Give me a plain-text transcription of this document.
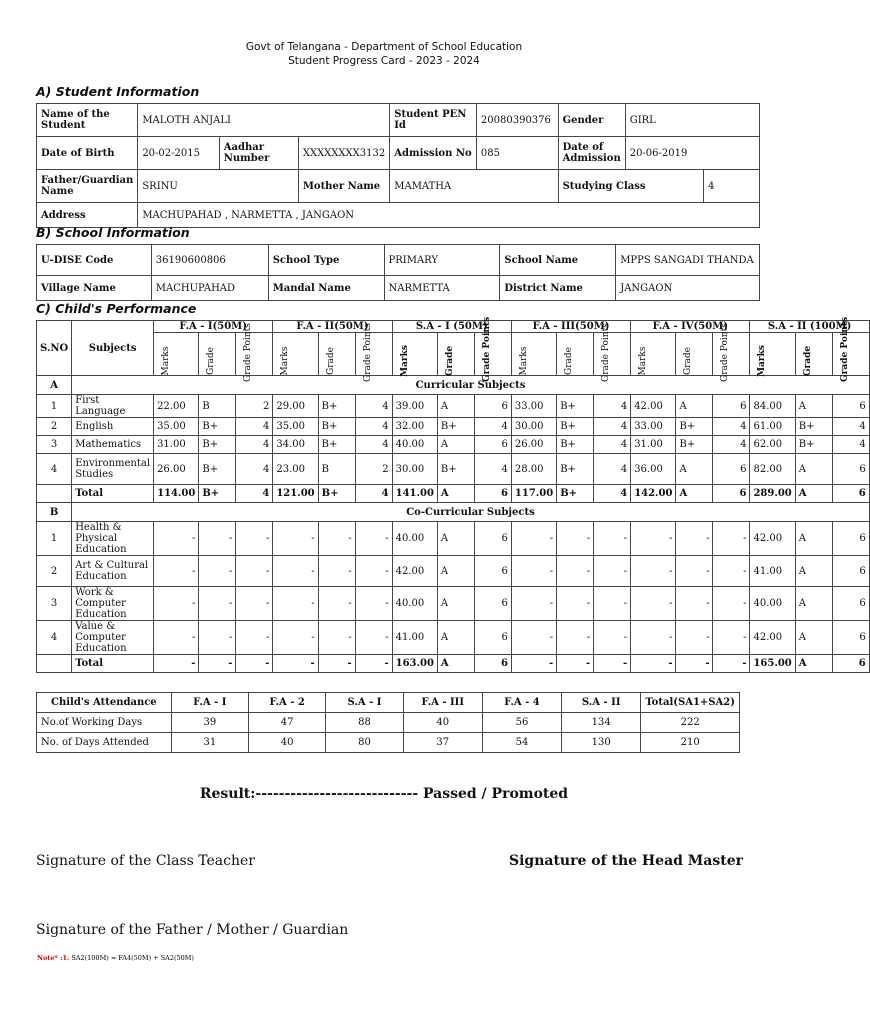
Govt of Telangana - Department of School Education
Student Progress Card - 2023 - 2024
A) Student Information
Name of the Student	MALOTH ANJALI			Student PEN Id	20080390376	Gender	GIRL	
Date of Birth	20-02-2015	Aadhar Number	XXXXXXXX3132	Admission No	085	Date of Admission	20-06-2019	
Father/Guardian Name	SRINU		Mother Name	MAMATHA		Studying Class		4
Address	MACHUPAHAD , NARMETTA , JANGAON							
B) School Information
U-DISE Code	36190600806	School Type	PRIMARY	School Name	MPPS SANGADI THANDA
Village Name	MACHUPAHAD	Mandal Name	NARMETTA	District Name	JANGAON
C) Child's Performance
S.NO	Subjects	F.A - I(50M)			F.A - II(50M)			S.A - I (50M)			F.A - III(50M)			F.A - IV(50M)			S.A - II (100M)		

		Marks	Grade	Grade Points	Marks	Grade	Grade Points	Marks	Grade	Grade Points	Marks	Grade	Grade Points	Marks	Grade	Grade Points	Marks	Grade	Grade Points

A	Curricular Subjects																		
1	First Language	22.00	B	2	29.00	B+	4	39.00	A	6	33.00	B+	4	42.00	A	6	84.00	A	6
2	English	35.00	B+	4	35.00	B+	4	32.00	B+	4	30.00	B+	4	33.00	B+	4	61.00	B+	4
3	Mathematics	31.00	B+	4	34.00	B+	4	40.00	A	6	26.00	B+	4	31.00	B+	4	62.00	B+	4
4	Environmental Studies	26.00	B+	4	23.00	B	2	30.00	B+	4	28.00	B+	4	36.00	A	6	82.00	A	6
	Total	114.00	B+	4	121.00	B+	4	141.00	A	6	117.00	B+	4	142.00	A	6	289.00	A	6
B	Co-Curricular Subjects																		
1	Health & Physical Education	-	-	-	-	-	-	40.00	A	6	-	-	-	-	-	-	42.00	A	6
2	Art & Cultural Education	-	-	-	-	-	-	42.00	A	6	-	-	-	-	-	-	41.00	A	6
3	Work & Computer Education	-	-	-	-	-	-	40.00	A	6	-	-	-	-	-	-	40.00	A	6
4	Value & Computer Education	-	-	-	-	-	-	41.00	A	6	-	-	-	-	-	-	42.00	A	6
	Total	-	-	-	-	-	-	163.00	A	6	-	-	-	-	-	-	165.00	A	6
Child's Attendance	F.A - I	F.A - 2	S.A - I	F.A - III	F.A - 4	S.A - II	Total(SA1+SA2)
No.of Working Days	39	47	88	40	56	134	222
No. of Days Attended	31	40	80	37	54	130	210
Result:---------------------------- Passed / Promoted
Signature of the Class Teacher	Signature of the Head Master
Signature of the Father / Mother / Guardian
Note* :1. SA2(100M) = FA4(50M) + SA2(50M)
